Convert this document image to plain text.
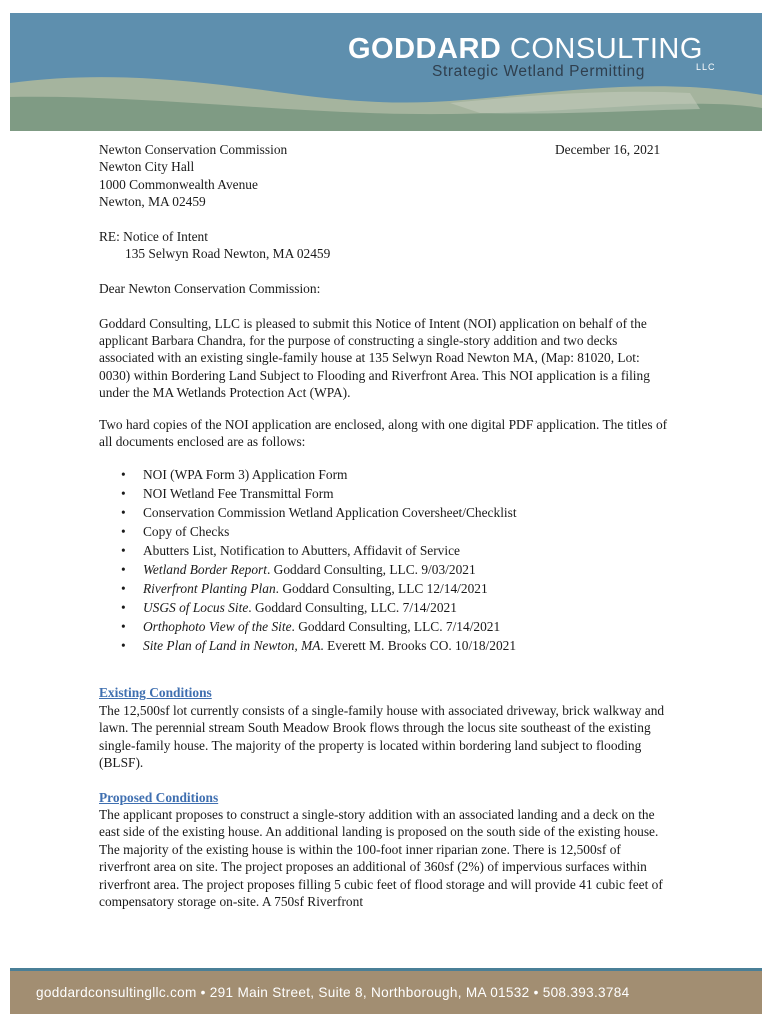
GODDARD CONSULTING
LLC
Strategic Wetland Permitting
December 16, 2021
Newton Conservation Commission
Newton City Hall
1000 Commonwealth Avenue
Newton, MA 02459
RE: Notice of Intent
135 Selwyn Road Newton, MA 02459
Dear Newton Conservation Commission:

Goddard Consulting, LLC is pleased to submit this Notice of Intent (NOI) application on behalf of the applicant Barbara Chandra, for the purpose of constructing a single-story addition and two decks associated with an existing single-family house at 135 Selwyn Road Newton MA, (Map: 81020, Lot: 0030) within Bordering Land Subject to Flooding and Riverfront Area. This NOI application is a filing under the MA Wetlands Protection Act (WPA).

Two hard copies of the NOI application are enclosed, along with one digital PDF application. The titles of all documents enclosed are as follows:

• NOI (WPA Form 3) Application Form
• NOI Wetland Fee Transmittal Form
• Conservation Commission Wetland Application Coversheet/Checklist
• Copy of Checks
• Abutters List, Notification to Abutters, Affidavit of Service
• Wetland Border Report. Goddard Consulting, LLC. 9/03/2021
• Riverfront Planting Plan. Goddard Consulting, LLC 12/14/2021
• USGS of Locus Site. Goddard Consulting, LLC. 7/14/2021
• Orthophoto View of the Site. Goddard Consulting, LLC. 7/14/2021
• Site Plan of Land in Newton, MA. Everett M. Brooks CO. 10/18/2021
Existing Conditions

The 12,500sf lot currently consists of a single-family house with associated driveway, brick walkway and lawn. The perennial stream South Meadow Brook flows through the locus site southeast of the existing single-family house. The majority of the property is located within bordering land subject to flooding (BLSF).

Proposed Conditions

The applicant proposes to construct a single-story addition with an associated landing and a deck on the east side of the existing house. An additional landing is proposed on the south side of the existing house. The majority of the existing house is within the 100-foot inner riparian zone. There is 12,500sf of riverfront area on site. The project proposes an additional of 360sf (2%) of impervious surfaces within riverfront area. The project proposes filling 5 cubic feet of flood storage and will provide 41 cubic feet of compensatory storage on-site. A 750sf Riverfront

goddardconsultingllc.com • 291 Main Street, Suite 8, Northborough, MA 01532 • 508.393.3784
